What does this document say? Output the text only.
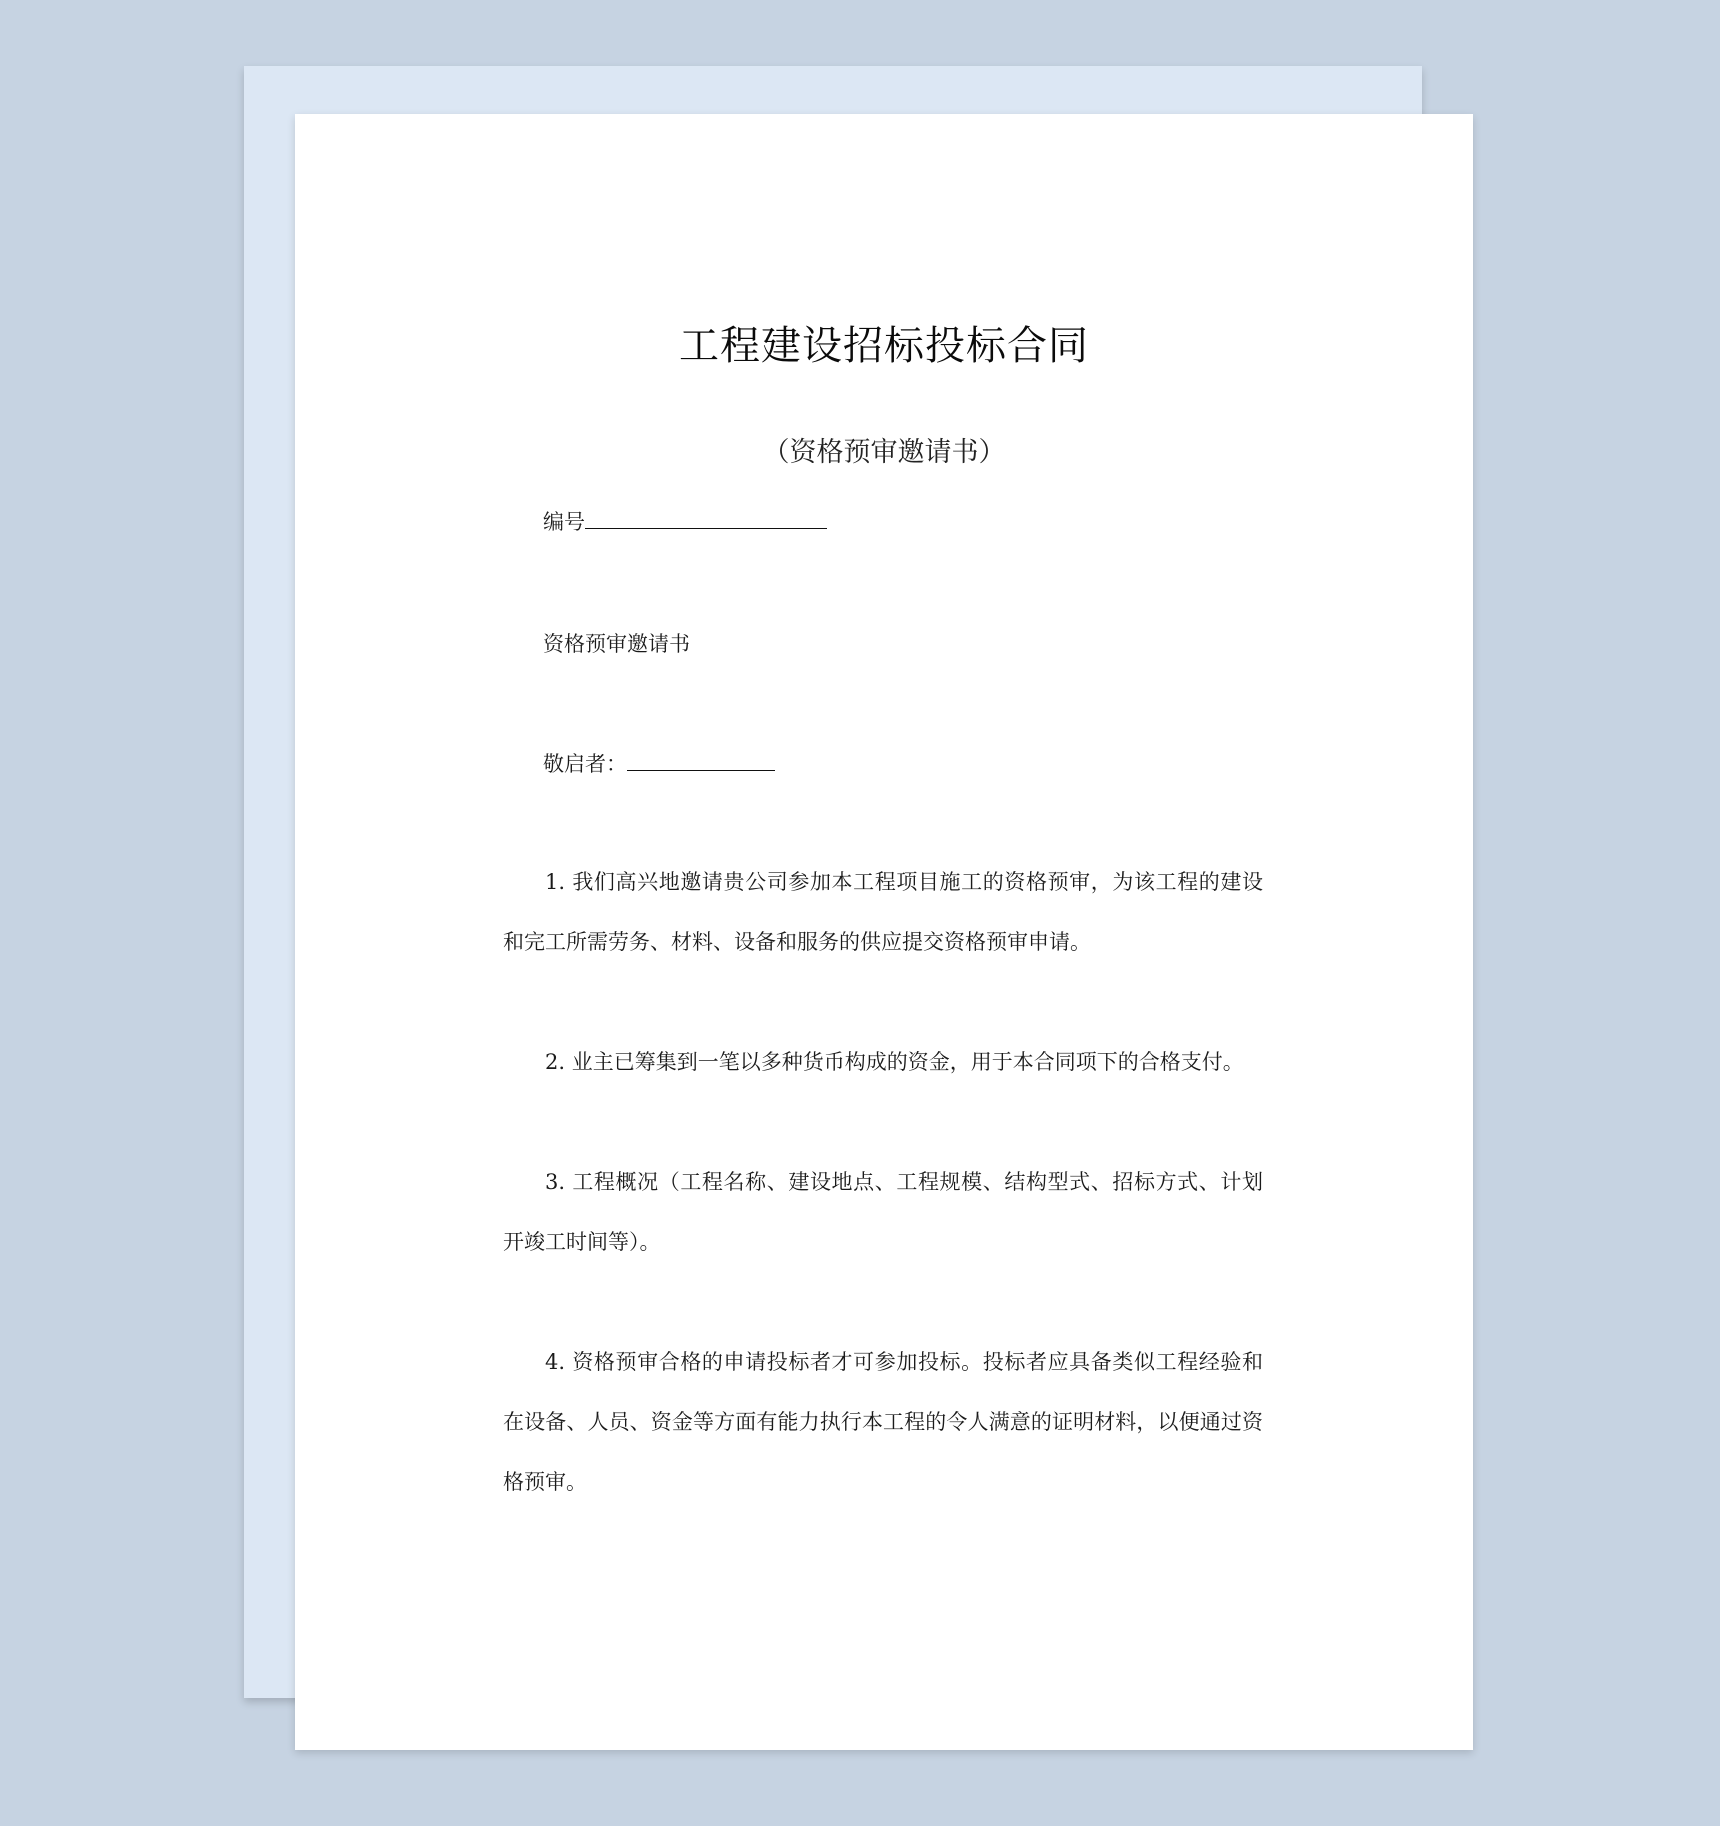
工程建设招标投标合同

（资格预审邀请书）

编号
资格预审邀请书
敬启者：

1. 我们高兴地邀请贵公司参加本工程项目施工的资格预审，为该工程的建设和完工所需劳务、材料、设备和服务的供应提交资格预审申请。

2. 业主已筹集到一笔以多种货币构成的资金，用于本合同项下的合格支付。

3. 工程概况（工程名称、建设地点、工程规模、结构型式、招标方式、计划开竣工时间等）。

4. 资格预审合格的申请投标者才可参加投标。投标者应具备类似工程经验和在设备、人员、资金等方面有能力执行本工程的令人满意的证明材料，以便通过资格预审。
